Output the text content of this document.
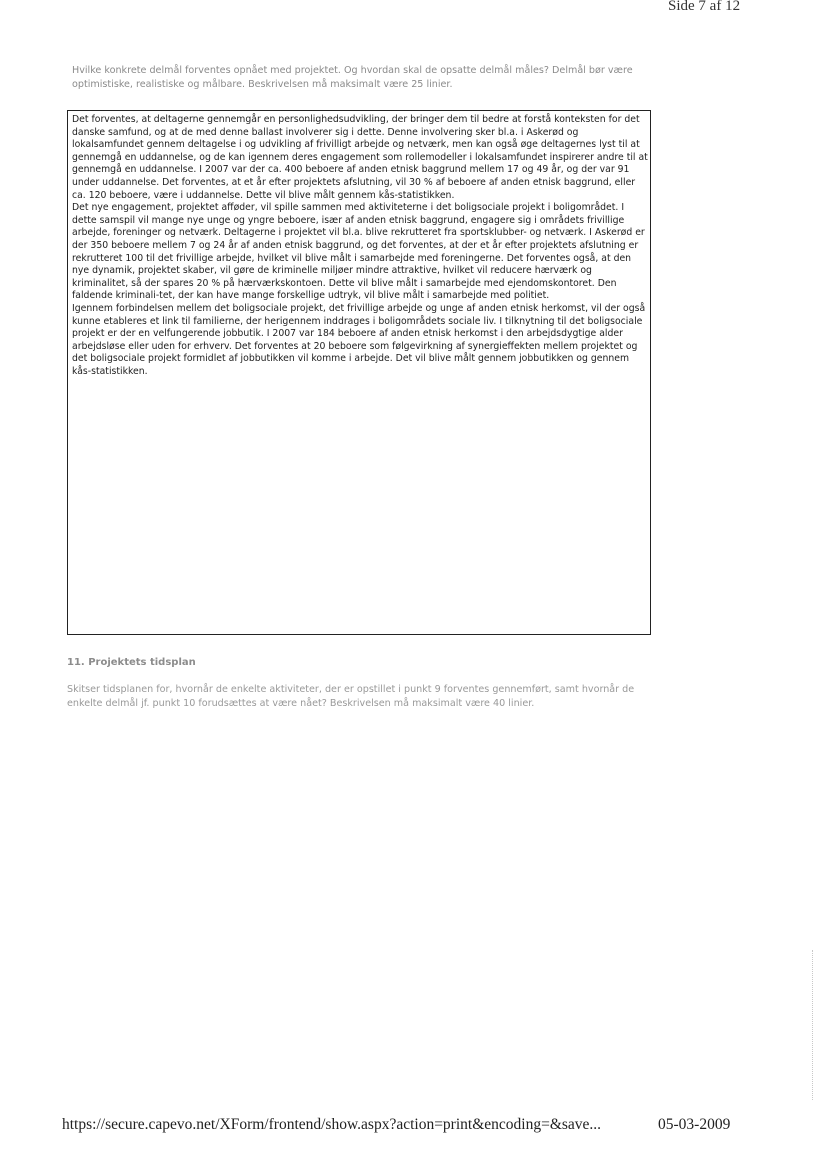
Side 7 af 12
Hvilke konkrete delmål forventes opnået med projektet. Og hvordan skal de opsatte delmål måles? Delmål bør være optimistiske, realistiske og målbare. Beskrivelsen må maksimalt være 25 linier.

Det forventes, at deltagerne gennemgår en personlighedsudvikling, der bringer dem til bedre at forstå konteksten for det danske samfund, og at de med denne ballast involverer sig i dette. Denne involvering sker bl.a. i Askerød og lokalsamfundet gennem deltagelse i og udvikling af frivilligt arbejde og netværk, men kan også øge deltagernes lyst til at gennemgå en uddannelse, og de kan igennem deres engagement som rollemodeller i lokalsamfundet inspirerer andre til at gennemgå en uddannelse. I 2007 var der ca. 400 beboere af anden etnisk baggrund mellem 17 og 49 år, og der var 91 under uddannelse. Det forventes, at et år efter projektets afslutning, vil 30 % af beboere af anden etnisk baggrund, eller ca. 120 beboere, være i uddannelse. Dette vil blive målt gennem kås-statistikken.

Det nye engagement, projektet afføder, vil spille sammen med aktiviteterne i det boligsociale projekt i boligområdet. I dette samspil vil mange nye unge og yngre beboere, især af anden etnisk baggrund, engagere sig i områdets frivillige arbejde, foreninger og netværk. Deltagerne i projektet vil bl.a. blive rekrutteret fra sportsklubber- og netværk. I Askerød er der 350 beboere mellem 7 og 24 år af anden etnisk baggrund, og det forventes, at der et år efter projektets afslutning er rekrutteret 100 til det frivillige arbejde, hvilket vil blive målt i samarbejde med foreningerne. Det forventes også, at den nye dynamik, projektet skaber, vil gøre de kriminelle miljøer mindre attraktive, hvilket vil reducere hærværk og kriminalitet, så der spares 20 % på hærværkskontoen. Dette vil blive målt i samarbejde med ejendomskontoret. Den faldende kriminali-tet, der kan have mange forskellige udtryk, vil blive målt i samarbejde med politiet.

Igennem forbindelsen mellem det boligsociale projekt, det frivillige arbejde og unge af anden etnisk herkomst, vil der også kunne etableres et link til familierne, der herigennem inddrages i boligområdets sociale liv. I tilknytning til det boligsociale projekt er der en velfungerende jobbutik. I 2007 var 184 beboere af anden etnisk herkomst i den arbejdsdygtige alder arbejdsløse eller uden for erhverv. Det forventes at 20 beboere som følgevirkning af synergieffekten mellem projektet og det boligsociale projekt formidlet af jobbutikken vil komme i arbejde. Det vil blive målt gennem jobbutikken og gennem kås-statistikken.

11. Projektets tidsplan
Skitser tidsplanen for, hvornår de enkelte aktiviteter, der er opstillet i punkt 9 forventes gennemført, samt hvornår de enkelte delmål jf. punkt 10 forudsættes at være nået? Beskrivelsen må maksimalt være 40 linier.
https://secure.capevo.net/XForm/frontend/show.aspx?action=print&encoding=&save...	05-03-2009
